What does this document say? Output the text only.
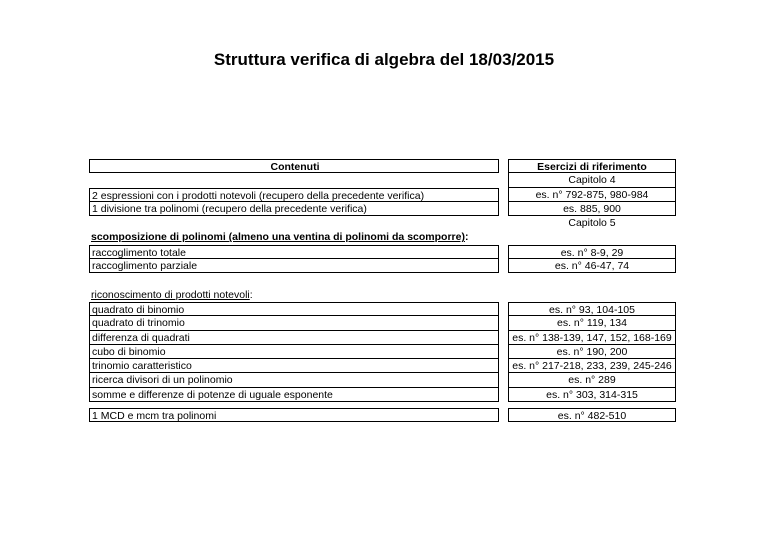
Struttura verifica di algebra del 18/03/2015
Contenuti	Esercizi di riferimento
Capitolo 4
2 espressioni con i prodotti notevoli (recupero della precedente verifica)	es. n° 792-875, 980-984
1 divisione tra polinomi (recupero della precedente verifica)	es. 885, 900
Capitolo 5
scomposizione di polinomi (almeno una ventina di polinomi da scomporre):
raccoglimento totale	es. n° 8-9, 29
raccoglimento parziale	es. n° 46-47, 74
riconoscimento di prodotti notevoli:
quadrato di binomio	es. n° 93, 104-105
quadrato di trinomio	es. n° 119, 134
differenza di quadrati	es. n° 138-139, 147, 152, 168-169
cubo di binomio	es. n° 190, 200
trinomio caratteristico	es. n° 217-218, 233, 239, 245-246
ricerca divisori di un polinomio	es. n° 289
somme e differenze di potenze di uguale esponente	es. n° 303, 314-315
1 MCD e mcm tra polinomi	es. n° 482-510
